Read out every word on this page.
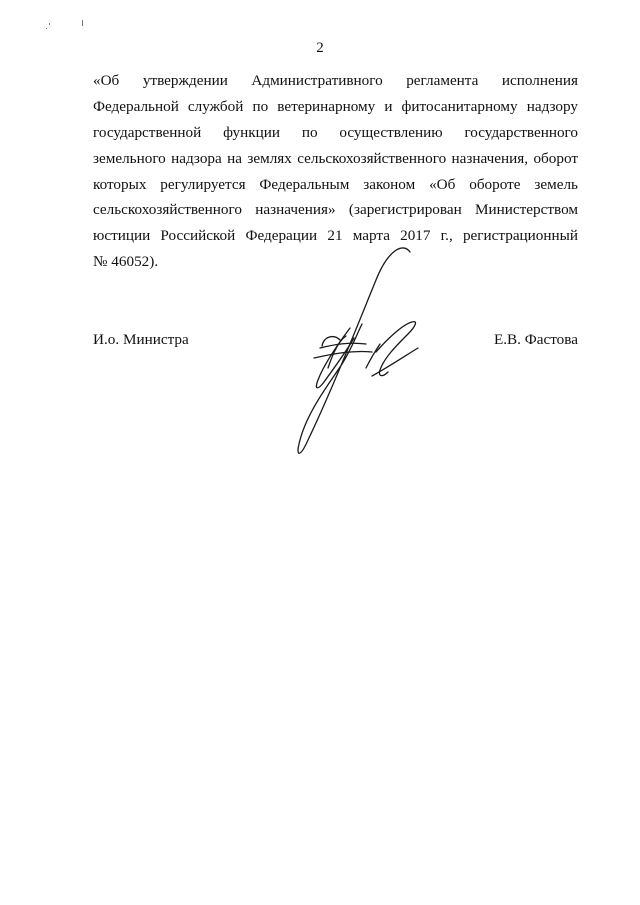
2
«Об утверждении Административного регламента исполнения
Федеральной службой по ветеринарному и фитосанитарному надзору
государственной функции по осуществлению государственного
земельного надзора на землях сельскохозяйственного назначения, оборот
которых регулируется Федеральным законом «Об обороте земель
сельскохозяйственного назначения» (зарегистрирован Министерством
юстиции Российской Федерации 21 марта 2017 г., регистрационный
№ 46052).
И.о. Министра	Е.В. Фастова
